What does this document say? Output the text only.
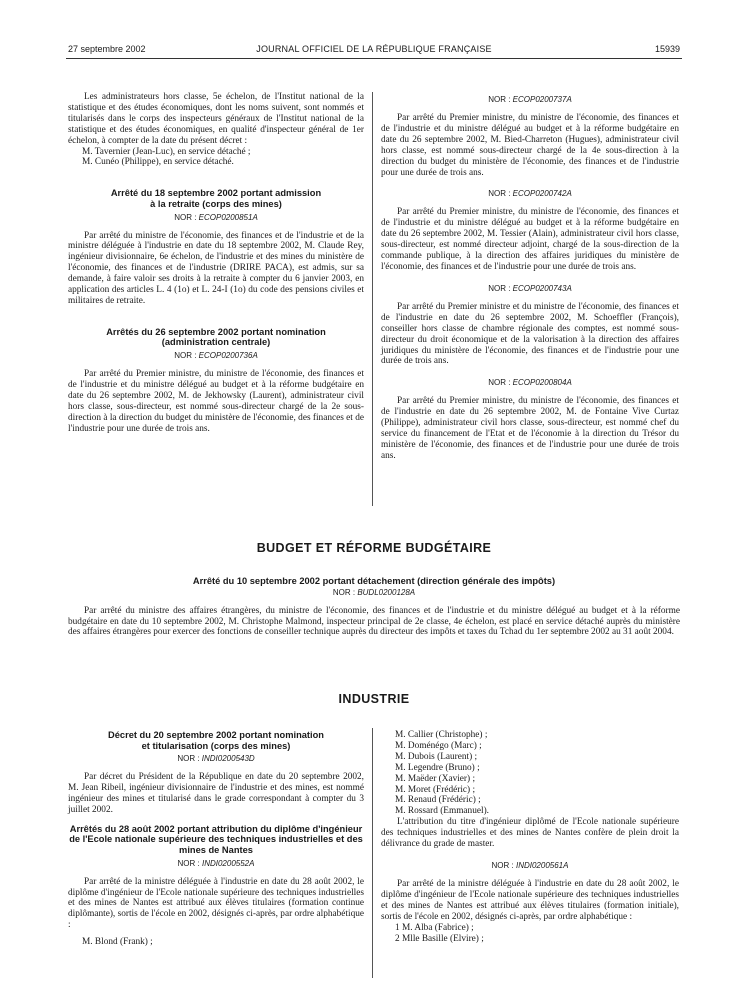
27 septembre 2002	JOURNAL OFFICIEL DE LA RÉPUBLIQUE FRANÇAISE	15939

Les administrateurs hors classe, 5e échelon, de l'Institut national de la statistique et des études économiques, dont les noms suivent, sont nommés et titularisés dans le corps des inspecteurs généraux de l'Institut national de la statistique et des études économiques, en qualité d'inspecteur général de 1er échelon, à compter de la date du présent décret :

M. Tavernier (Jean-Luc), en service détaché ;

M. Cunéo (Philippe), en service détaché.

Arrêté du 18 septembre 2002 portant admission

à la retraite (corps des mines)

NOR : ECOP0200851A

Par arrêté du ministre de l'économie, des finances et de l'industrie et de la ministre déléguée à l'industrie en date du 18 septembre 2002, M. Claude Rey, ingénieur divisionnaire, 6e échelon, de l'industrie et des mines du ministère de l'économie, des finances et de l'industrie (DRIRE PACA), est admis, sur sa demande, à faire valoir ses droits à la retraite à compter du 6 janvier 2003, en application des articles L. 4 (1o) et L. 24-I (1o) du code des pensions civiles et militaires de retraite.

Arrêtés du 26 septembre 2002 portant nomination

(administration centrale)

NOR : ECOP0200736A

Par arrêté du Premier ministre, du ministre de l'économie, des finances et de l'industrie et du ministre délégué au budget et à la réforme budgétaire en date du 26 septembre 2002, M. de Jekhowsky (Laurent), administrateur civil hors classe, sous-directeur, est nommé sous-directeur chargé de la 2e sous-direction à la direction du budget du ministère de l'économie, des finances et de l'industrie pour une durée de trois ans.

NOR : ECOP0200737A

Par arrêté du Premier ministre, du ministre de l'économie, des finances et de l'industrie et du ministre délégué au budget et à la réforme budgétaire en date du 26 septembre 2002, M. Bied-Charreton (Hugues), administrateur civil hors classe, est nommé sous-directeur chargé de la 4e sous-direction à la direction du budget du ministère de l'économie, des finances et de l'industrie pour une durée de trois ans.

NOR : ECOP0200742A

Par arrêté du Premier ministre, du ministre de l'économie, des finances et de l'industrie et du ministre délégué au budget et à la réforme budgétaire en date du 26 septembre 2002, M. Tessier (Alain), administrateur civil hors classe, sous-directeur, est nommé directeur adjoint, chargé de la sous-direction de la commande publique, à la direction des affaires juridiques du ministère de l'économie, des finances et de l'industrie pour une durée de trois ans.

NOR : ECOP0200743A

Par arrêté du Premier ministre et du ministre de l'économie, des finances et de l'industrie en date du 26 septembre 2002, M. Schoeffler (François), conseiller hors classe de chambre régionale des comptes, est nommé sous-directeur du droit économique et de la valorisation à la direction des affaires juridiques du ministère de l'économie, des finances et de l'industrie pour une durée de trois ans.

NOR : ECOP0200804A

Par arrêté du Premier ministre, du ministre de l'économie, des finances et de l'industrie en date du 26 septembre 2002, M. de Fontaine Vive Curtaz (Philippe), administrateur civil hors classe, sous-directeur, est nommé chef du service du financement de l'Etat et de l'économie à la direction du Trésor du ministère de l'économie, des finances et de l'industrie pour une durée de trois ans.

BUDGET ET RÉFORME BUDGÉTAIRE

Arrêté du 10 septembre 2002 portant détachement (direction générale des impôts)

NOR : BUDL0200128A

Par arrêté du ministre des affaires étrangères, du ministre de l'économie, des finances et de l'industrie et du ministre délégué au budget et à la réforme budgétaire en date du 10 septembre 2002, M. Christophe Malmond, inspecteur principal de 2e classe, 4e échelon, est placé en service détaché auprès du ministère des affaires étrangères pour exercer des fonctions de conseiller technique auprès du directeur des impôts et taxes du Tchad du 1er septembre 2002 au 31 août 2004.

INDUSTRIE

Décret du 20 septembre 2002 portant nomination

et titularisation (corps des mines)

NOR : INDI0200543D

Par décret du Président de la République en date du 20 septembre 2002, M. Jean Ribeil, ingénieur divisionnaire de l'industrie et des mines, est nommé ingénieur des mines et titularisé dans le grade correspondant à compter du 3 juillet 2002.

Arrêtés du 28 août 2002 portant attribution du diplôme d'ingénieur de l'Ecole nationale supérieure des techniques industrielles et des mines de Nantes

NOR : INDI0200552A

Par arrêté de la ministre déléguée à l'industrie en date du 28 août 2002, le diplôme d'ingénieur de l'Ecole nationale supérieure des techniques industrielles et des mines de Nantes est attribué aux élèves titulaires (formation continue diplômante), sortis de l'école en 2002, désignés ci-après, par ordre alphabétique :

M. Blond (Frank) ;

M. Callier (Christophe) ;

M. Doménégo (Marc) ;

M. Dubois (Laurent) ;

M. Legendre (Bruno) ;

M. Maëder (Xavier) ;

M. Moret (Frédéric) ;

M. Renaud (Frédéric) ;

M. Rossard (Emmanuel).

L'attribution du titre d'ingénieur diplômé de l'Ecole nationale supérieure des techniques industrielles et des mines de Nantes confère de plein droit la délivrance du grade de master.

NOR : INDI0200561A

Par arrêté de la ministre déléguée à l'industrie en date du 28 août 2002, le diplôme d'ingénieur de l'Ecole nationale supérieure des techniques industrielles et des mines de Nantes est attribué aux élèves titulaires (formation initiale), sortis de l'école en 2002, désignés ci-après, par ordre alphabétique :

1 M. Alba (Fabrice) ;

2 Mlle Basille (Elvire) ;
